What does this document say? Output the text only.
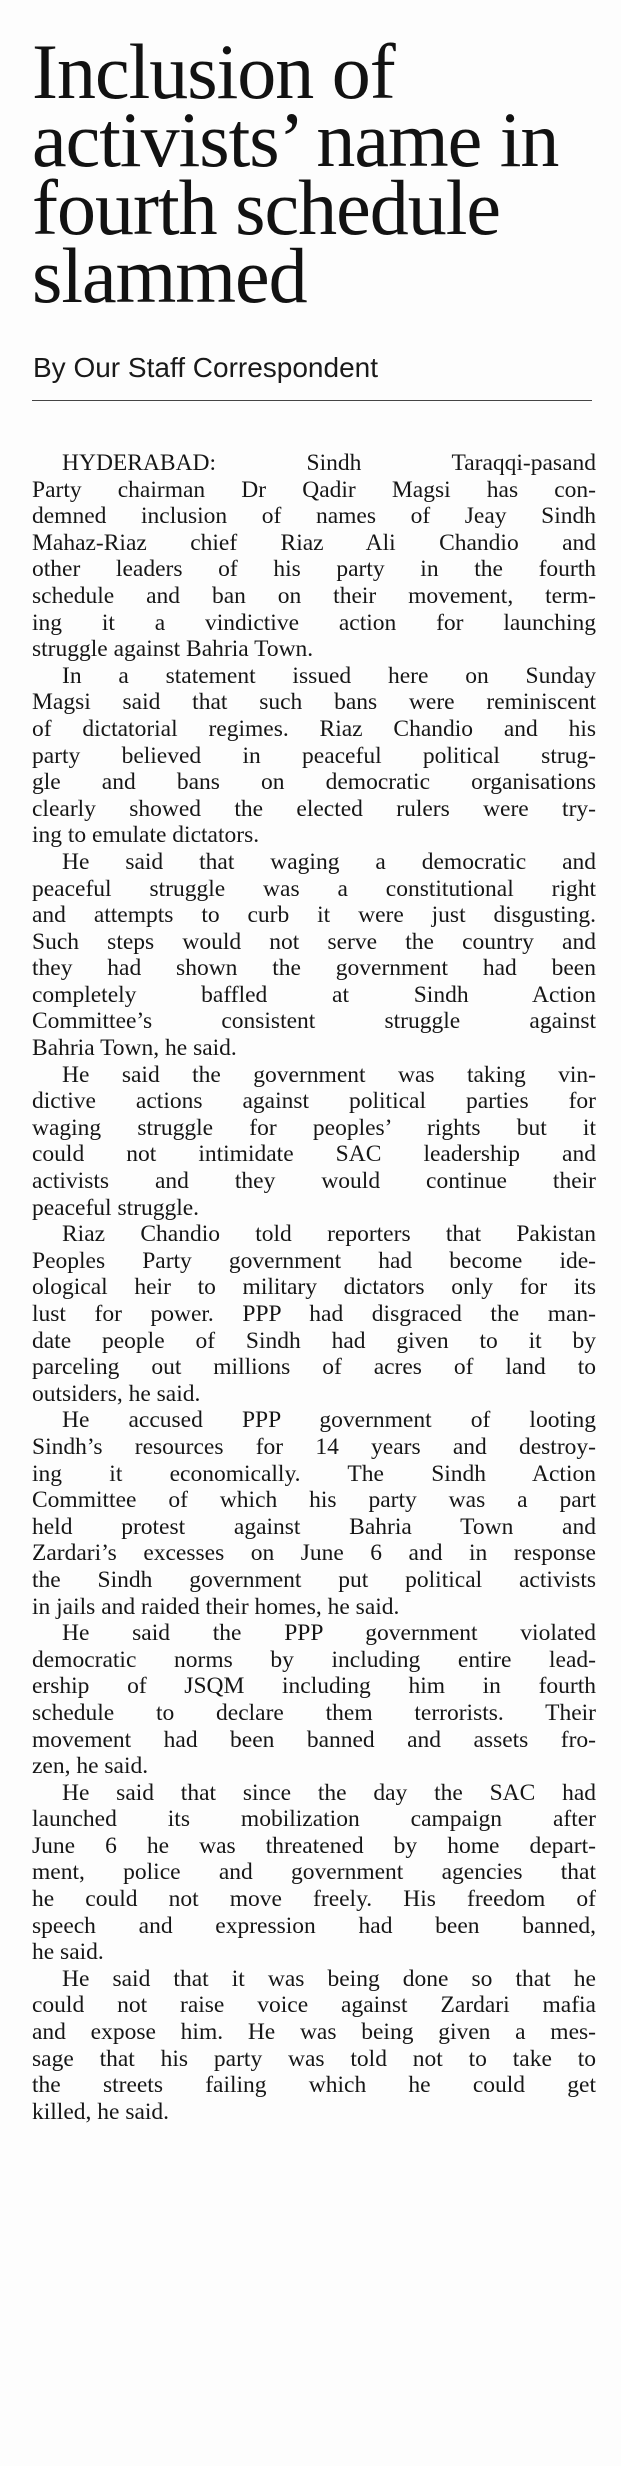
Inclusion of
activists’ name in
fourth schedule
slammed
By Our Staff Correspondent
HYDERABAD: Sindh Taraqqi-pasand
Party chairman Dr Qadir Magsi has con-
demned inclusion of names of Jeay Sindh
Mahaz-Riaz chief Riaz Ali Chandio and
other leaders of his party in the fourth
schedule and ban on their movement, term-
ing it a vindictive action for launching
struggle against Bahria Town.
In a statement issued here on Sunday
Magsi said that such bans were reminiscent
of dictatorial regimes. Riaz Chandio and his
party believed in peaceful political strug-
gle and bans on democratic organisations
clearly showed the elected rulers were try-
ing to emulate dictators.
He said that waging a democratic and
peaceful struggle was a constitutional right
and attempts to curb it were just disgusting.
Such steps would not serve the country and
they had shown the government had been
completely baffled at Sindh Action
Committee’s consistent struggle against
Bahria Town, he said.
He said the government was taking vin-
dictive actions against political parties for
waging struggle for peoples’ rights but it
could not intimidate SAC leadership and
activists and they would continue their
peaceful struggle.
Riaz Chandio told reporters that Pakistan
Peoples Party government had become ide-
ological heir to military dictators only for its
lust for power. PPP had disgraced the man-
date people of Sindh had given to it by
parceling out millions of acres of land to
outsiders, he said.
He accused PPP government of looting
Sindh’s resources for 14 years and destroy-
ing it economically. The Sindh Action
Committee of which his party was a part
held protest against Bahria Town and
Zardari’s excesses on June 6 and in response
the Sindh government put political activists
in jails and raided their homes, he said.
He said the PPP government violated
democratic norms by including entire lead-
ership of JSQM including him in fourth
schedule to declare them terrorists. Their
movement had been banned and assets fro-
zen, he said.
He said that since the day the SAC had
launched its mobilization campaign after
June 6 he was threatened by home depart-
ment, police and government agencies that
he could not move freely. His freedom of
speech and expression had been banned,
he said.
He said that it was being done so that he
could not raise voice against Zardari mafia
and expose him. He was being given a mes-
sage that his party was told not to take to
the streets failing which he could get
killed, he said.
